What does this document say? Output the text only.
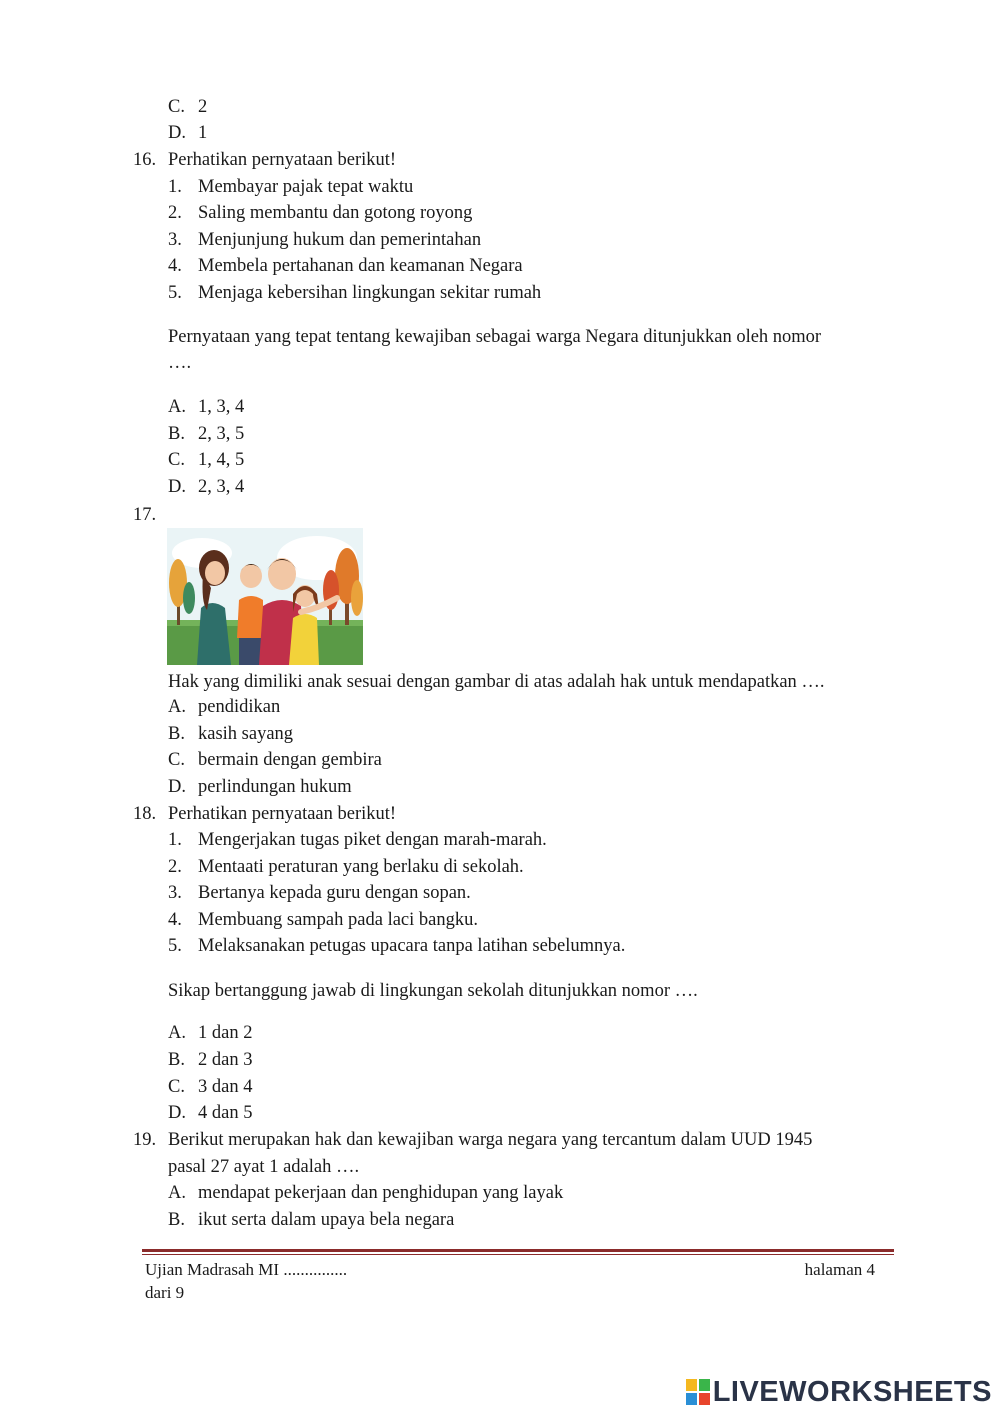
C. 2
D. 1
16. Perhatikan pernyataan berikut!
1. Membayar pajak tepat waktu
2. Saling membantu dan gotong royong
3. Menjunjung hukum dan pemerintahan
4. Membela pertahanan dan keamanan Negara
5. Menjaga kebersihan lingkungan sekitar rumah
Pernyataan yang tepat tentang kewajiban sebagai warga Negara ditunjukkan oleh nomor
….
A. 1, 3, 4
B. 2, 3, 5
C. 1, 4, 5
D. 2, 3, 4
17.
Hak yang dimiliki anak sesuai dengan gambar di atas adalah hak untuk mendapatkan ….
A. pendidikan
B. kasih sayang
C. bermain dengan gembira
D. perlindungan hukum
18. Perhatikan pernyataan berikut!
1. Mengerjakan tugas piket dengan marah-marah.
2. Mentaati peraturan yang berlaku di sekolah.
3. Bertanya kepada guru dengan sopan.
4. Membuang sampah pada laci bangku.
5. Melaksanakan petugas upacara tanpa latihan sebelumnya.
Sikap bertanggung jawab di lingkungan sekolah ditunjukkan nomor ….
A. 1 dan 2
B. 2 dan 3
C. 3 dan 4
D. 4 dan 5
19. Berikut merupakan hak dan kewajiban warga negara yang tercantum dalam UUD 1945
pasal 27 ayat 1 adalah ….
A. mendapat pekerjaan dan penghidupan yang layak
B. ikut serta dalam upaya bela negara
Ujian Madrasah MI ...............	halaman 4
dari 9
LIVEWORKSHEETS
